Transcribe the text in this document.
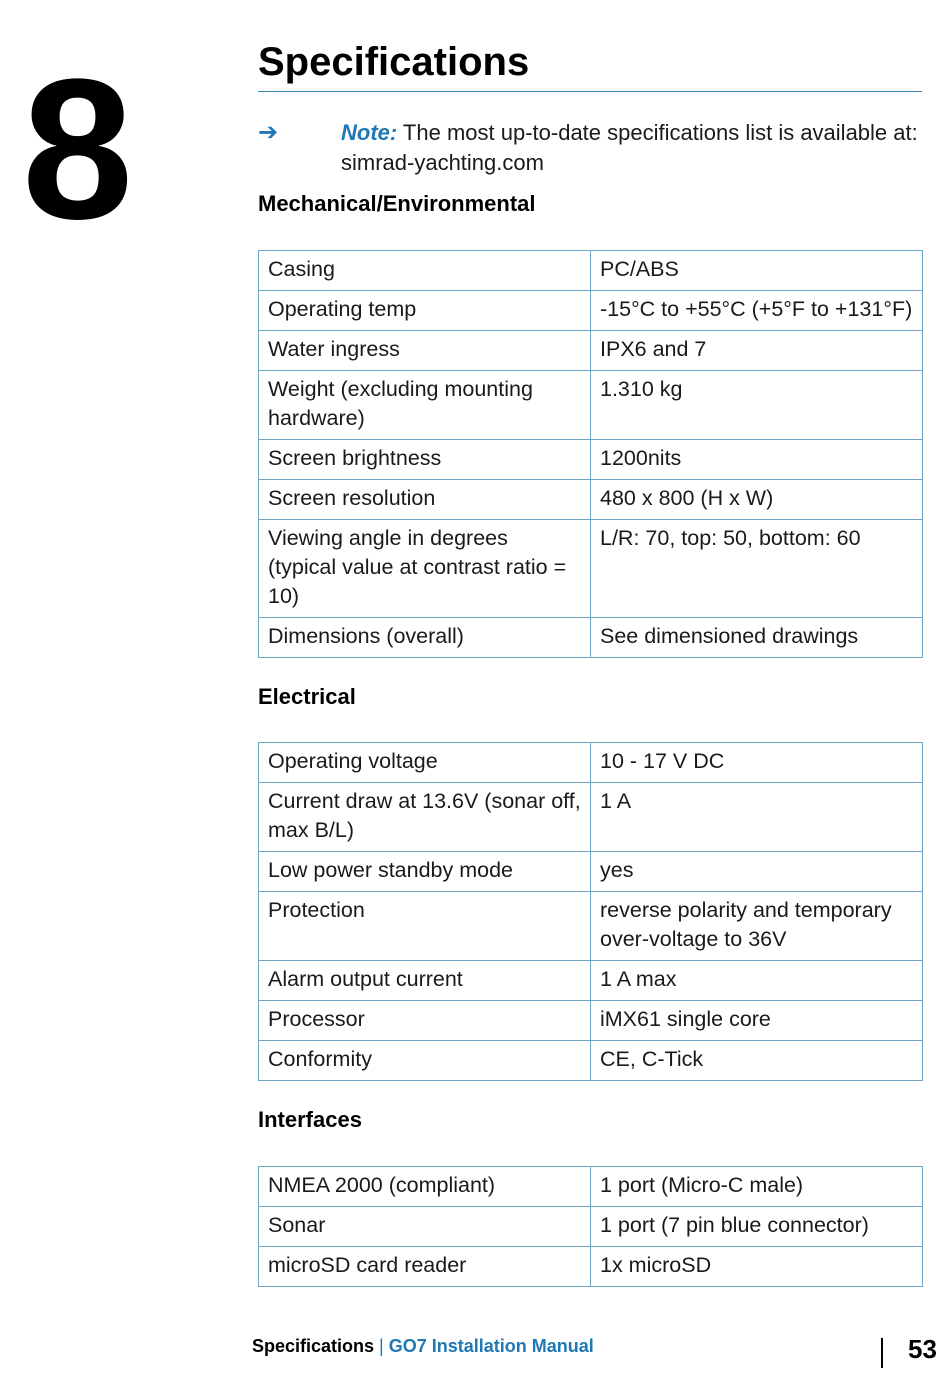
8	Specifications
➔	Note: The most up-to-date specifications list is available at: simrad-yachting.com
Mechanical/Environmental
Casing	PC/ABS
Operating temp	-15°C to +55°C (+5°F to +131°F)
Water ingress	IPX6 and 7
Weight (excluding mounting hardware)	1.310 kg
Screen brightness	1200nits
Screen resolution	480 x 800 (H x W)
Viewing angle in degrees (typical value at contrast ratio = 10)	L/R: 70, top: 50, bottom: 60
Dimensions (overall)	See dimensioned drawings
Electrical
Operating voltage	10 - 17 V DC
Current draw at 13.6V (sonar off, max B/L)	1 A
Low power standby mode	yes
Protection	reverse polarity and temporary over-voltage to 36V
Alarm output current	1 A max
Processor	iMX61 single core
Conformity	CE, C-Tick
Interfaces
NMEA 2000 (compliant)	1 port (Micro-C male)
Sonar	1 port (7 pin blue connector)
microSD card reader	1x microSD
Specifications | GO7 Installation Manual	53
